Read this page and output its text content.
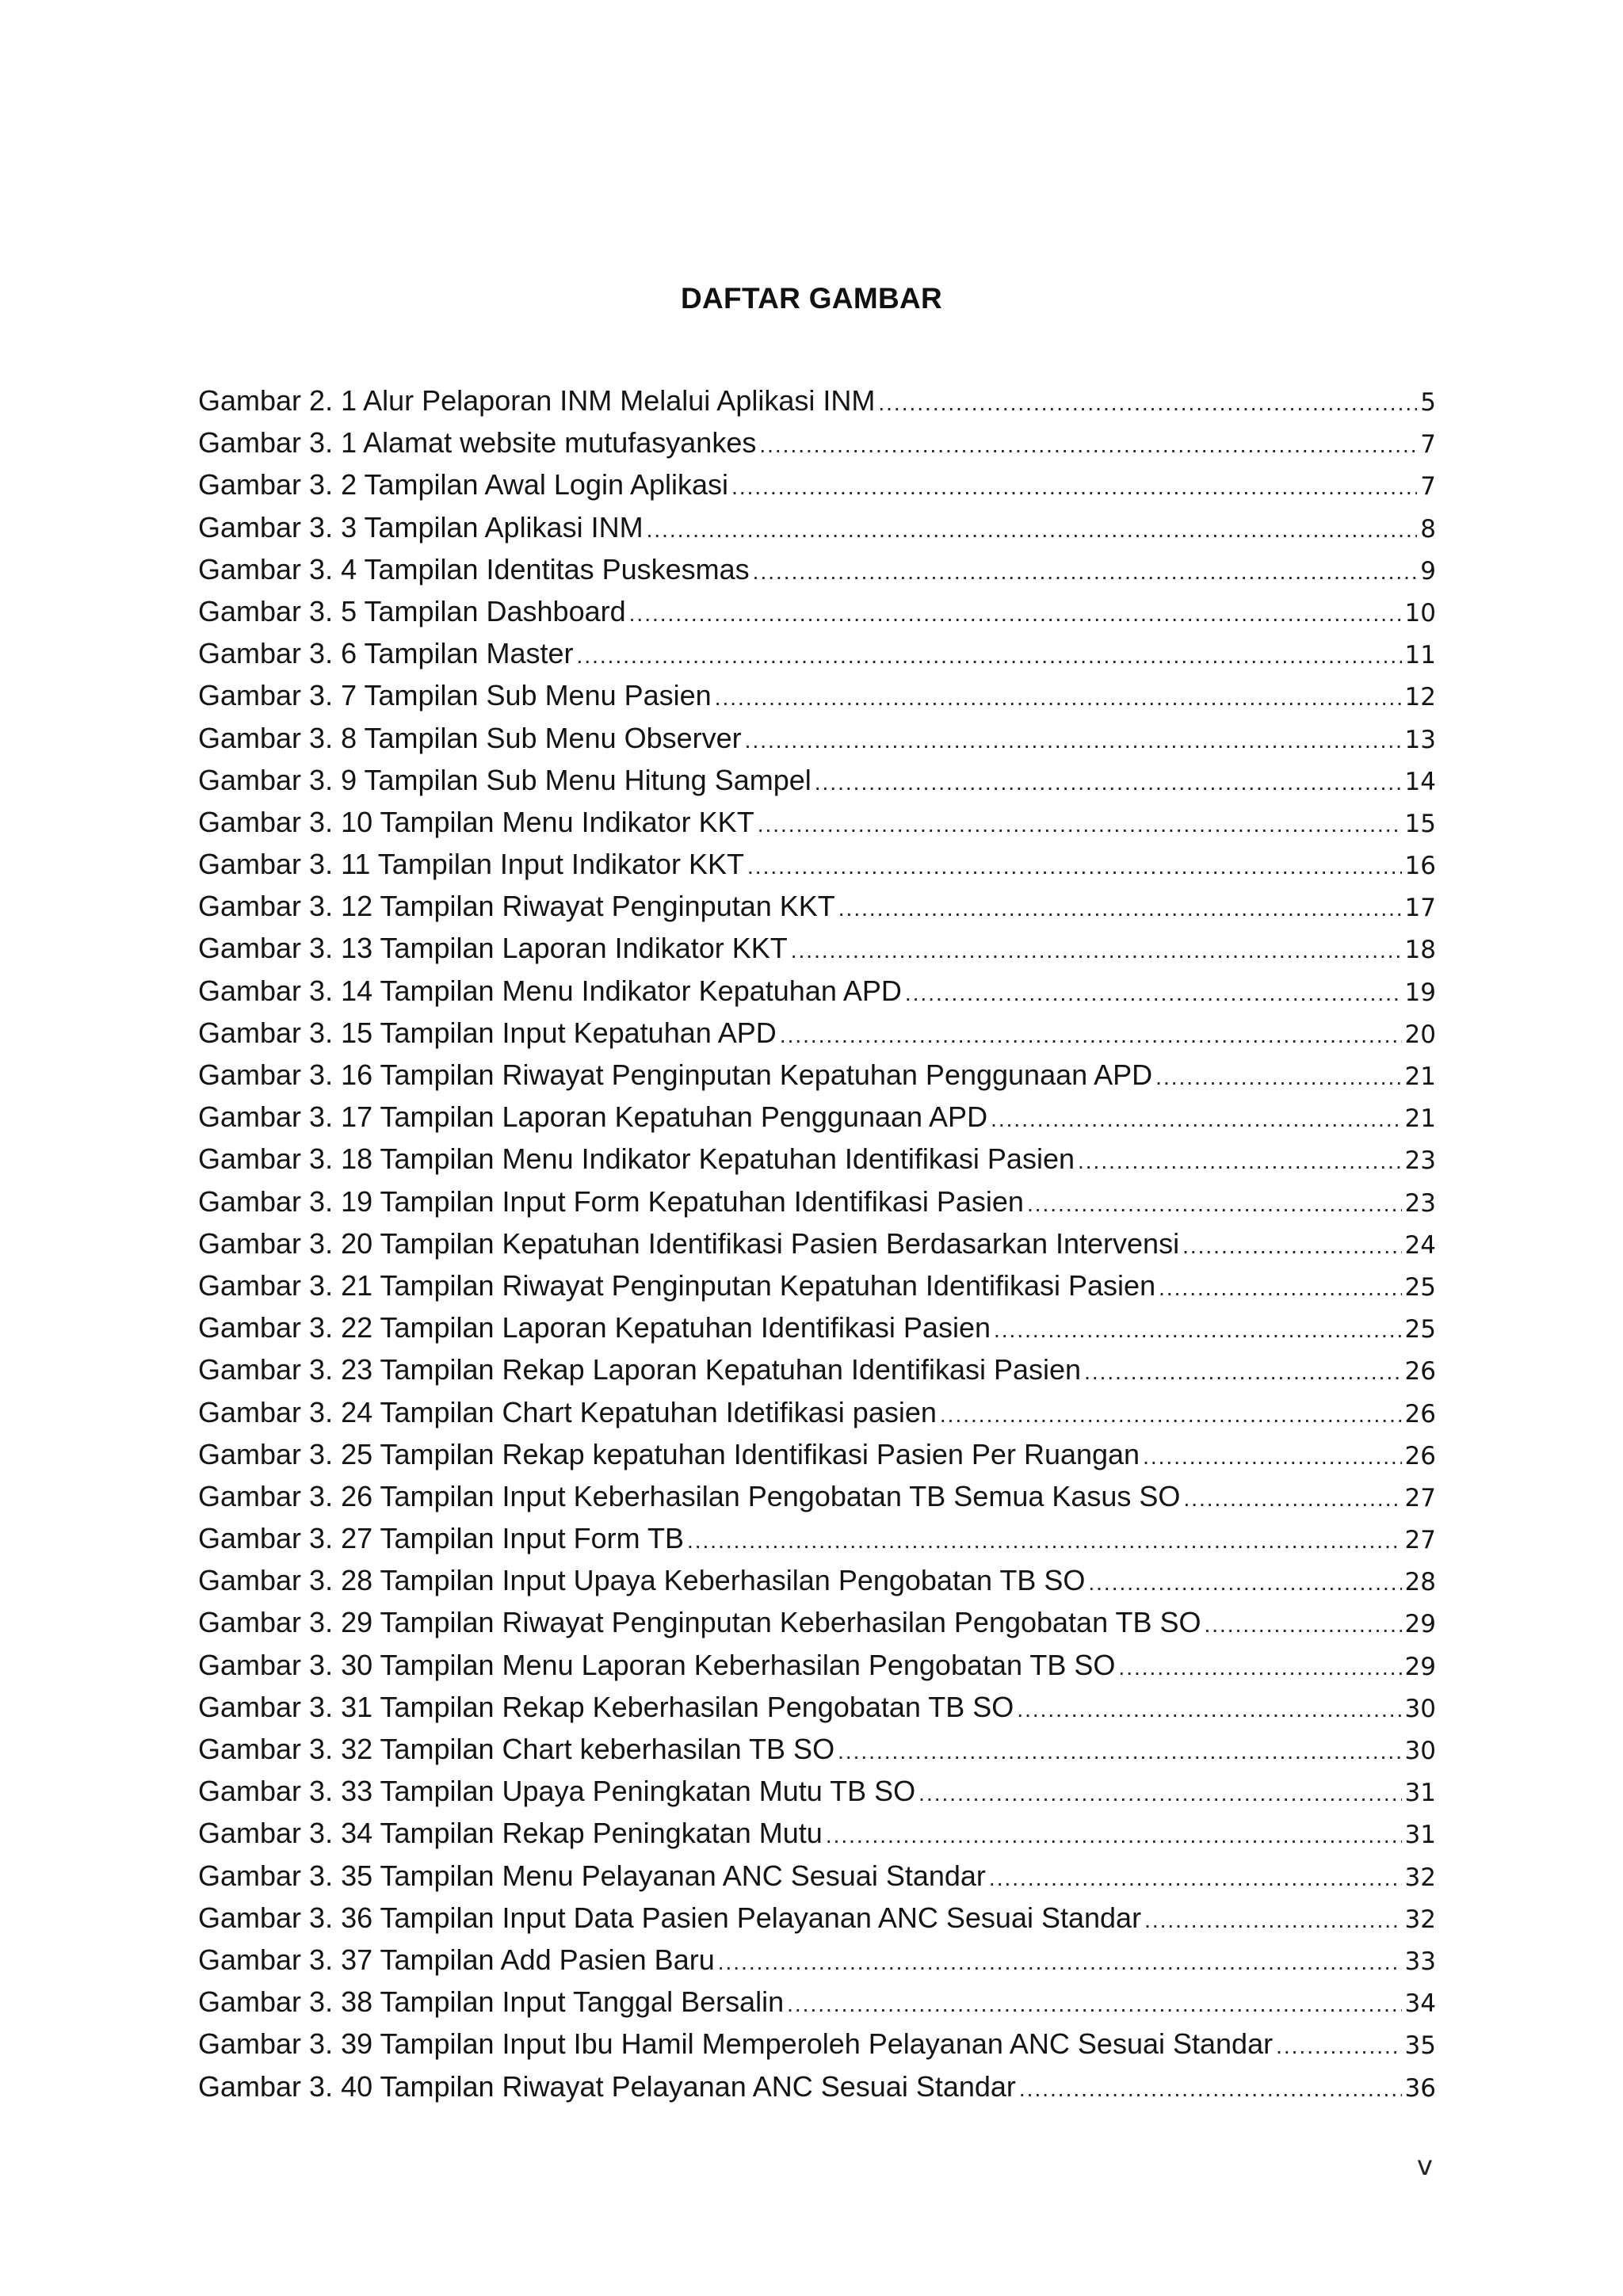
DAFTAR GAMBAR
Gambar 2. 1 Alur Pelaporan INM Melalui Aplikasi INM .....	5
Gambar 3. 1 Alamat website mutufasyankes .....	7
Gambar 3. 2 Tampilan Awal Login Aplikasi .....	7
Gambar 3. 3 Tampilan Aplikasi INM .....	8
Gambar 3. 4 Tampilan Identitas Puskesmas .....	9
Gambar 3. 5 Tampilan Dashboard .....	10
Gambar 3. 6 Tampilan Master .....	11
Gambar 3. 7 Tampilan Sub Menu Pasien .....	12
Gambar 3. 8 Tampilan Sub Menu Observer .....	13
Gambar 3. 9 Tampilan Sub Menu Hitung Sampel .....	14
Gambar 3. 10 Tampilan Menu Indikator KKT .....	15
Gambar 3. 11 Tampilan Input Indikator KKT .....	16
Gambar 3. 12 Tampilan Riwayat Penginputan KKT .....	17
Gambar 3. 13 Tampilan Laporan Indikator KKT .....	18
Gambar 3. 14 Tampilan Menu Indikator Kepatuhan APD .....	19
Gambar 3. 15 Tampilan Input Kepatuhan APD .....	20
Gambar 3. 16 Tampilan Riwayat Penginputan Kepatuhan Penggunaan APD .....	21
Gambar 3. 17 Tampilan Laporan Kepatuhan Penggunaan APD .....	21
Gambar 3. 18 Tampilan Menu Indikator Kepatuhan Identifikasi Pasien .....	23
Gambar 3. 19 Tampilan Input Form Kepatuhan Identifikasi Pasien .....	23
Gambar 3. 20 Tampilan Kepatuhan Identifikasi Pasien Berdasarkan Intervensi .....	24
Gambar 3. 21 Tampilan Riwayat Penginputan Kepatuhan Identifikasi Pasien .....	25
Gambar 3. 22 Tampilan Laporan Kepatuhan Identifikasi Pasien .....	25
Gambar 3. 23 Tampilan Rekap Laporan Kepatuhan Identifikasi Pasien .....	26
Gambar 3. 24 Tampilan Chart Kepatuhan Idetifikasi pasien .....	26
Gambar 3. 25 Tampilan Rekap kepatuhan Identifikasi Pasien Per Ruangan .....	26
Gambar 3. 26 Tampilan Input Keberhasilan Pengobatan TB Semua Kasus SO .....	27
Gambar 3. 27 Tampilan Input Form TB .....	27
Gambar 3. 28 Tampilan Input Upaya Keberhasilan Pengobatan TB SO .....	28
Gambar 3. 29 Tampilan Riwayat Penginputan Keberhasilan Pengobatan TB SO .....	29
Gambar 3. 30 Tampilan Menu Laporan Keberhasilan Pengobatan TB SO .....	29
Gambar 3. 31 Tampilan Rekap Keberhasilan Pengobatan TB SO .....	30
Gambar 3. 32 Tampilan Chart keberhasilan TB SO .....	30
Gambar 3. 33 Tampilan Upaya Peningkatan Mutu TB SO .....	31
Gambar 3. 34 Tampilan Rekap Peningkatan Mutu .....	31
Gambar 3. 35 Tampilan Menu Pelayanan ANC Sesuai Standar .....	32
Gambar 3. 36 Tampilan Input Data Pasien Pelayanan ANC Sesuai Standar .....	32
Gambar 3. 37 Tampilan Add Pasien Baru .....	33
Gambar 3. 38 Tampilan Input Tanggal Bersalin .....	34
Gambar 3. 39 Tampilan Input Ibu Hamil Memperoleh Pelayanan ANC Sesuai Standar .....	35
Gambar 3. 40 Tampilan Riwayat Pelayanan ANC Sesuai Standar .....	36
v
